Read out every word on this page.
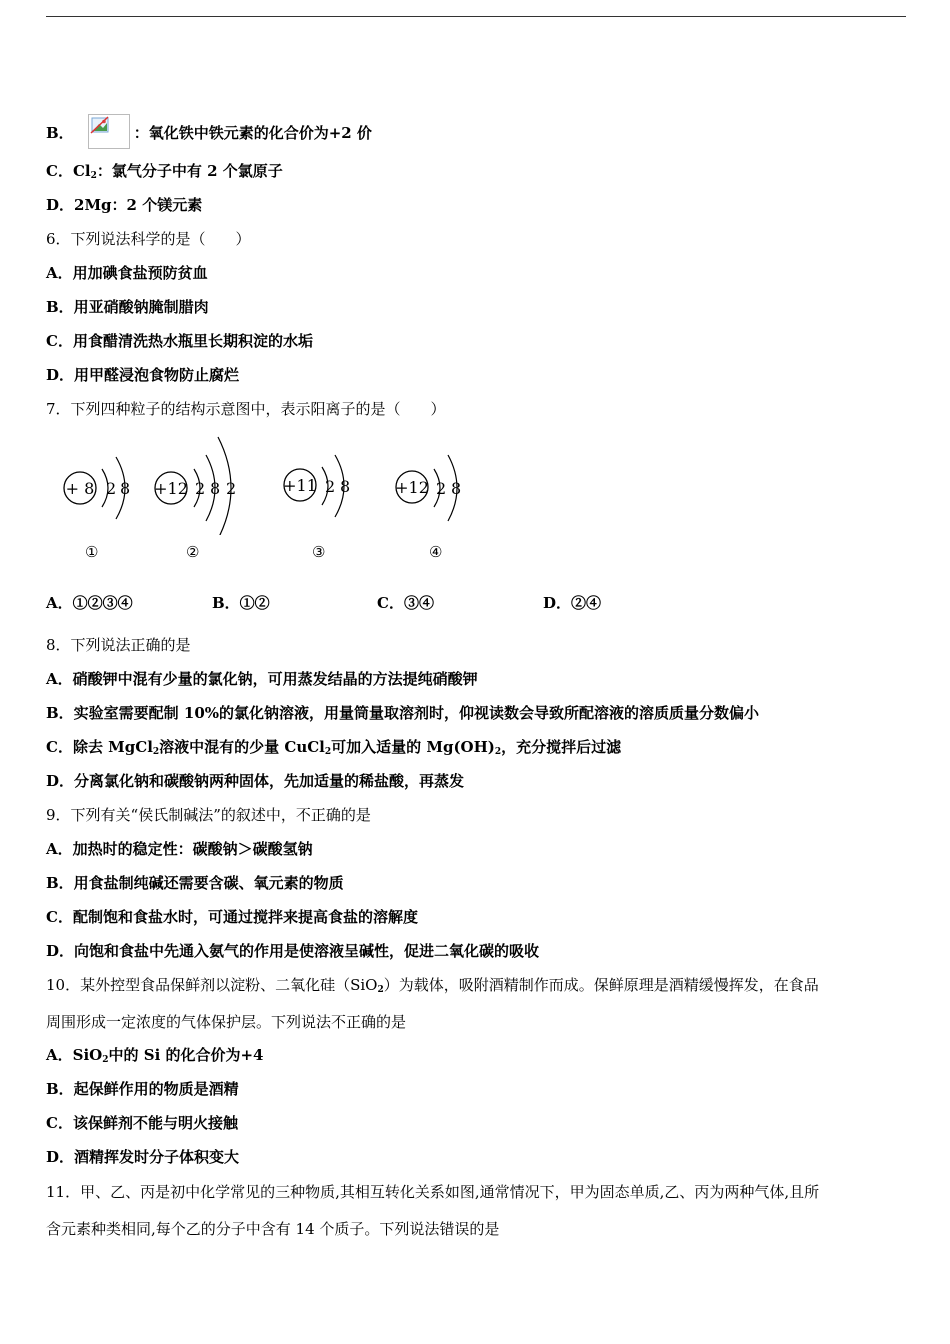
B．	：氧化铁中铁元素的化合价为+2 价
C．$Cl_2$：氯气分子中有 2 个氯原子
D．2Mg：2 个镁元素
6．下列说法科学的是（　　）
A．用加碘食盐预防贫血
B．用亚硝酸钠腌制腊肉
C．用食醋清洗热水瓶里长期积淀的水垢
D．用甲醛浸泡食物防止腐烂
7．下列四种粒子的结构示意图中，表示阳离子的是（　　）
+ 8 2 8 +12 2 8 2	+11 2 8	+12 2 8
①	②	③	④
A．①②③④	B．①②	C．③④	D．②④
8．下列说法正确的是
A．硝酸钾中混有少量的氯化钠，可用蒸发结晶的方法提纯硝酸钾
B．实验室需要配制 10%的氯化钠溶液，用量筒量取溶剂时，仰视读数会导致所配溶液的溶质质量分数偏小
C．除去 MgCl$_2$溶液中混有的少量 CuCl$_2$可加入适量的 $Mg(OH)_2$，充分搅拌后过滤
D．分离氯化钠和碳酸钠两种固体，先加适量的稀盐酸，再蒸发
9．下列有关“侯氏制碱法”的叙述中，不正确的是
A．加热时的稳定性：碳酸钠＞碳酸氢钠
B．用食盐制纯碱还需要含碳、氧元素的物质
C．配制饱和食盐水时，可通过搅拌来提高食盐的溶解度
D．向饱和食盐中先通入氨气的作用是使溶液呈碱性，促进二氧化碳的吸收
10．某外控型食品保鲜剂以淀粉、二氧化硅（SiO$_2$）为载体，吸附酒精制作而成。保鲜原理是酒精缓慢挥发，在食品
周围形成一定浓度的气体保护层。下列说法不正确的是
A．SiO$_2$中的 Si 的化合价为+4
B．起保鲜作用的物质是酒精
C．该保鲜剂不能与明火接触
D．酒精挥发时分子体积变大
11．甲、乙、丙是初中化学常见的三种物质,其相互转化关系如图,通常情况下，甲为固态单质,乙、丙为两种气体,且所
含元素种类相同,每个乙的分子中含有 14 个质子。下列说法错误的是
